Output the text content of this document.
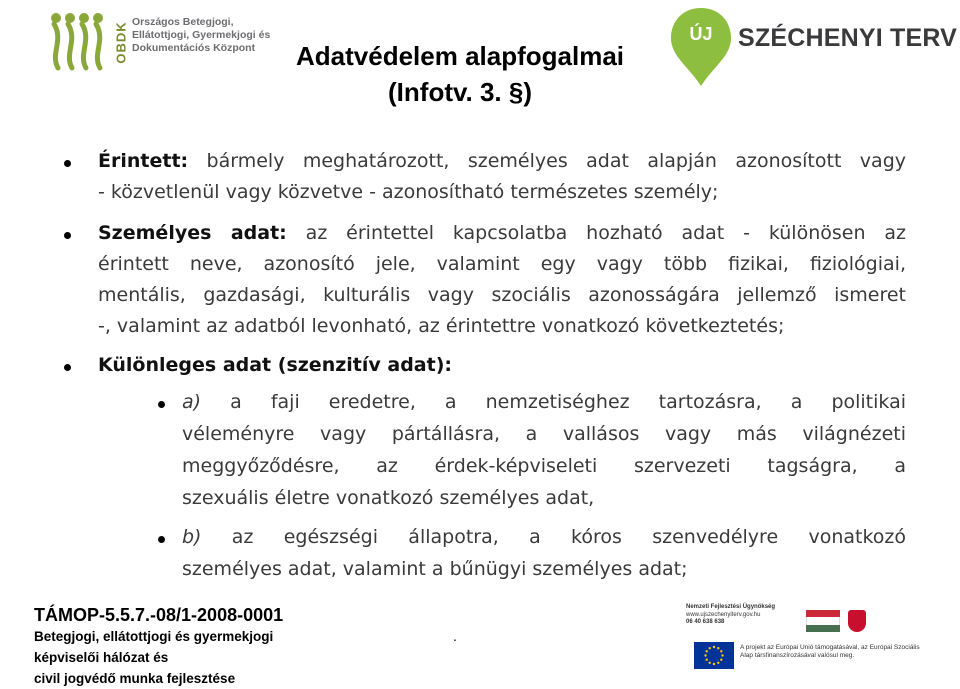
OBDK Országos Betegjogi,
Ellátottjogi, Gyermekjogi és
Dokumentációs Központ
ÚJ	SZÉCHENYI TERV
Adatvédelem alapfogalmai
(Infotv. 3. §)
Érintett: bármely meghatározott, személyes adat alapján azonosított vagy
- közvetlenül vagy közvetve - azonosítható természetes személy;
Személyes adat: az érintettel kapcsolatba hozható adat - különösen az
érintett neve, azonosító jele, valamint egy vagy több fizikai, fiziológiai,
mentális, gazdasági, kulturális vagy szociális azonosságára jellemző ismeret
-, valamint az adatból levonható, az érintettre vonatkozó következtetés;
Különleges adat (szenzitív adat):
a) a faji eredetre, a nemzetiséghez tartozásra, a politikai
véleményre vagy pártállásra, a vallásos vagy más világnézeti
meggyőződésre, az érdek-képviseleti szervezeti tagságra, a
szexuális életre vonatkozó személyes adat,
b) az egészségi állapotra, a kóros szenvedélyre vonatkozó
személyes adat, valamint a bűnügyi személyes adat;
TÁMOP-5.5.7.-08/1-2008-0001
Betegjogi, ellátottjogi és gyermekjogi
képviselői hálózat és
civil jogvédő munka fejlesztése
.
Nemzeti Fejlesztési Ügynökség
www.ujszechenyiterv.gov.hu
06 40 638 638
A projekt az Európai Unió támogatásával, az Európai Szociális Alap társfinanszírozásával valósul meg.
